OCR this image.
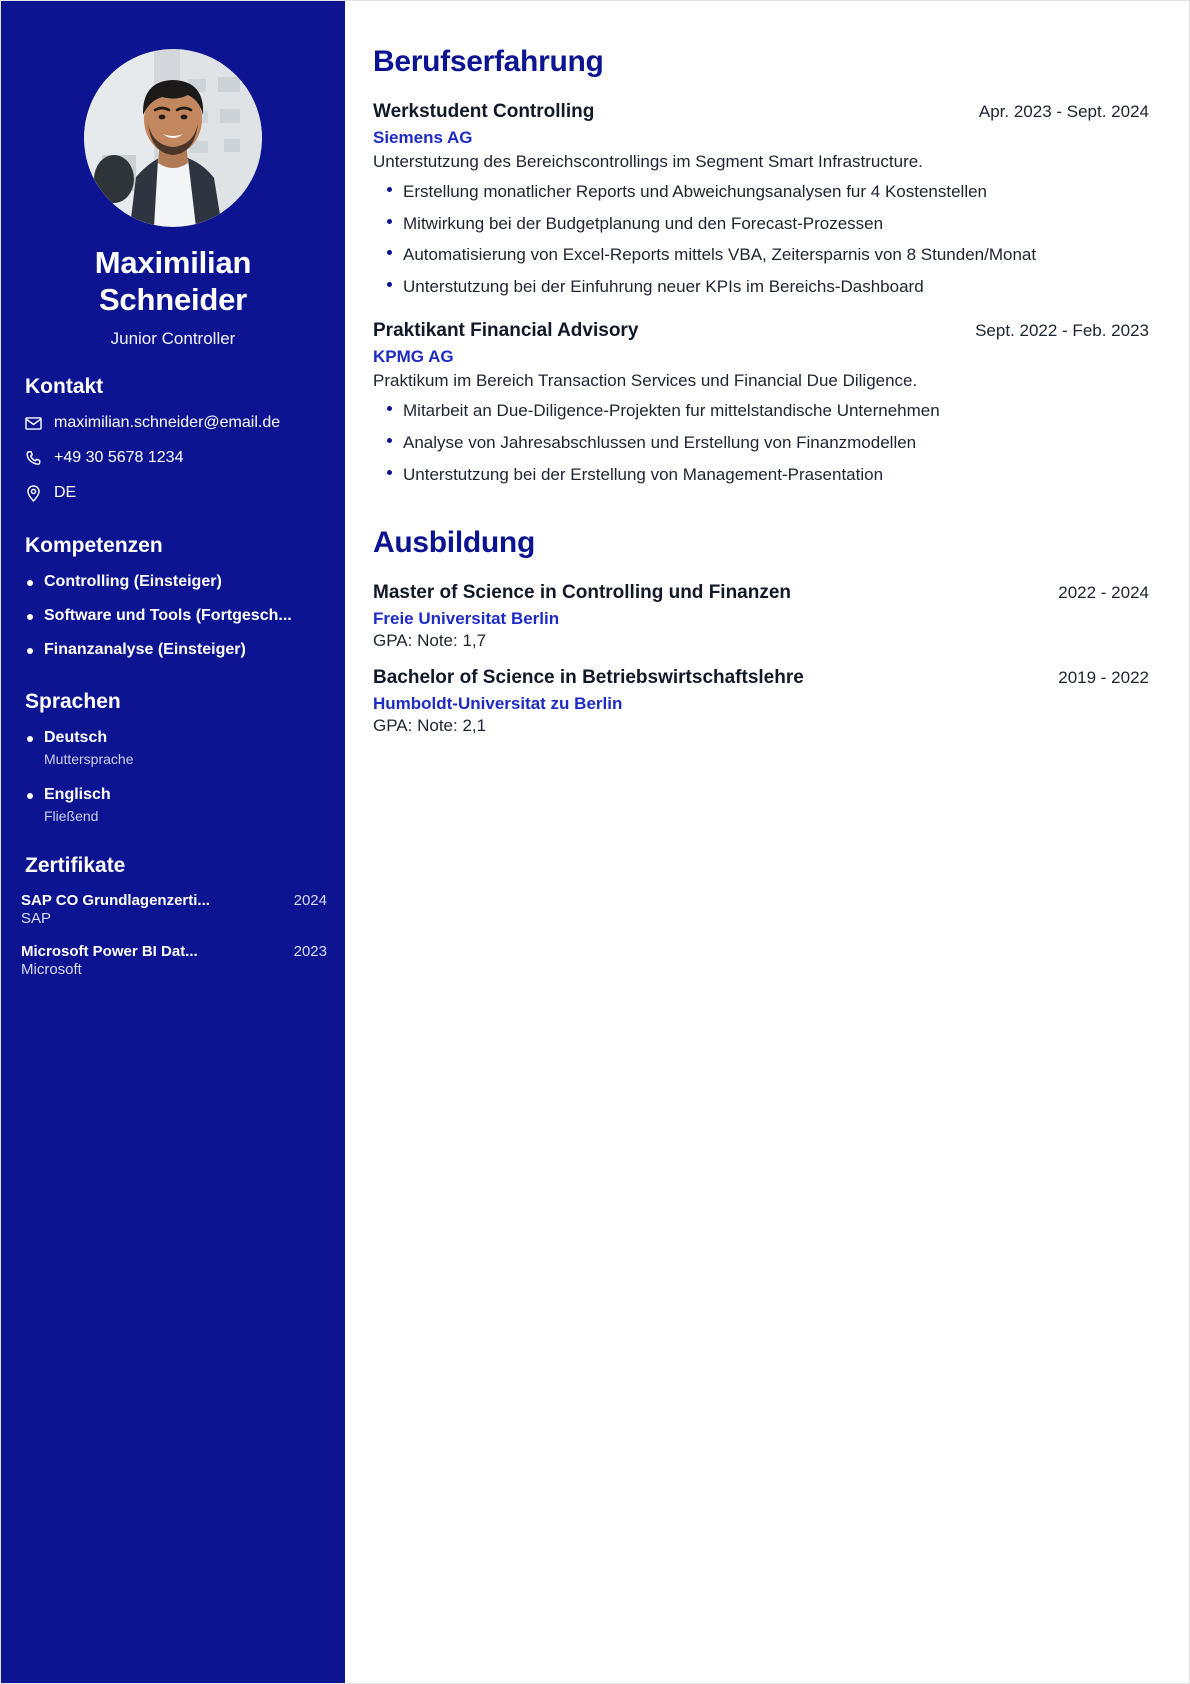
Maximilian Schneider
Junior Controller
Kontakt
maximilian.schneider@email.de
+49 30 5678 1234
DE
Kompetenzen
Controlling (Einsteiger)
Software und Tools (Fortgesch...
Finanzanalyse (Einsteiger)
Sprachen
Deutsch
Muttersprache
Englisch
Fließend
Zertifikate
SAP CO Grundlagenzerti...	2024
SAP
Microsoft Power BI Dat...	2023
Microsoft
Berufserfahrung
Werkstudent Controlling	Apr. 2023 - Sept. 2024
Siemens AG
Unterstutzung des Bereichscontrollings im Segment Smart Infrastructure.
Erstellung monatlicher Reports und Abweichungsanalysen fur 4 Kostenstellen
Mitwirkung bei der Budgetplanung und den Forecast-Prozessen
Automatisierung von Excel-Reports mittels VBA, Zeitersparnis von 8 Stunden/Monat
Unterstutzung bei der Einfuhrung neuer KPIs im Bereichs-Dashboard
Praktikant Financial Advisory	Sept. 2022 - Feb. 2023
KPMG AG
Praktikum im Bereich Transaction Services und Financial Due Diligence.
Mitarbeit an Due-Diligence-Projekten fur mittelstandische Unternehmen
Analyse von Jahresabschlussen und Erstellung von Finanzmodellen
Unterstutzung bei der Erstellung von Management-Prasentation
Ausbildung
Master of Science in Controlling und Finanzen	2022 - 2024
Freie Universitat Berlin
GPA: Note: 1,7
Bachelor of Science in Betriebswirtschaftslehre	2019 - 2022
Humboldt-Universitat zu Berlin
GPA: Note: 2,1
